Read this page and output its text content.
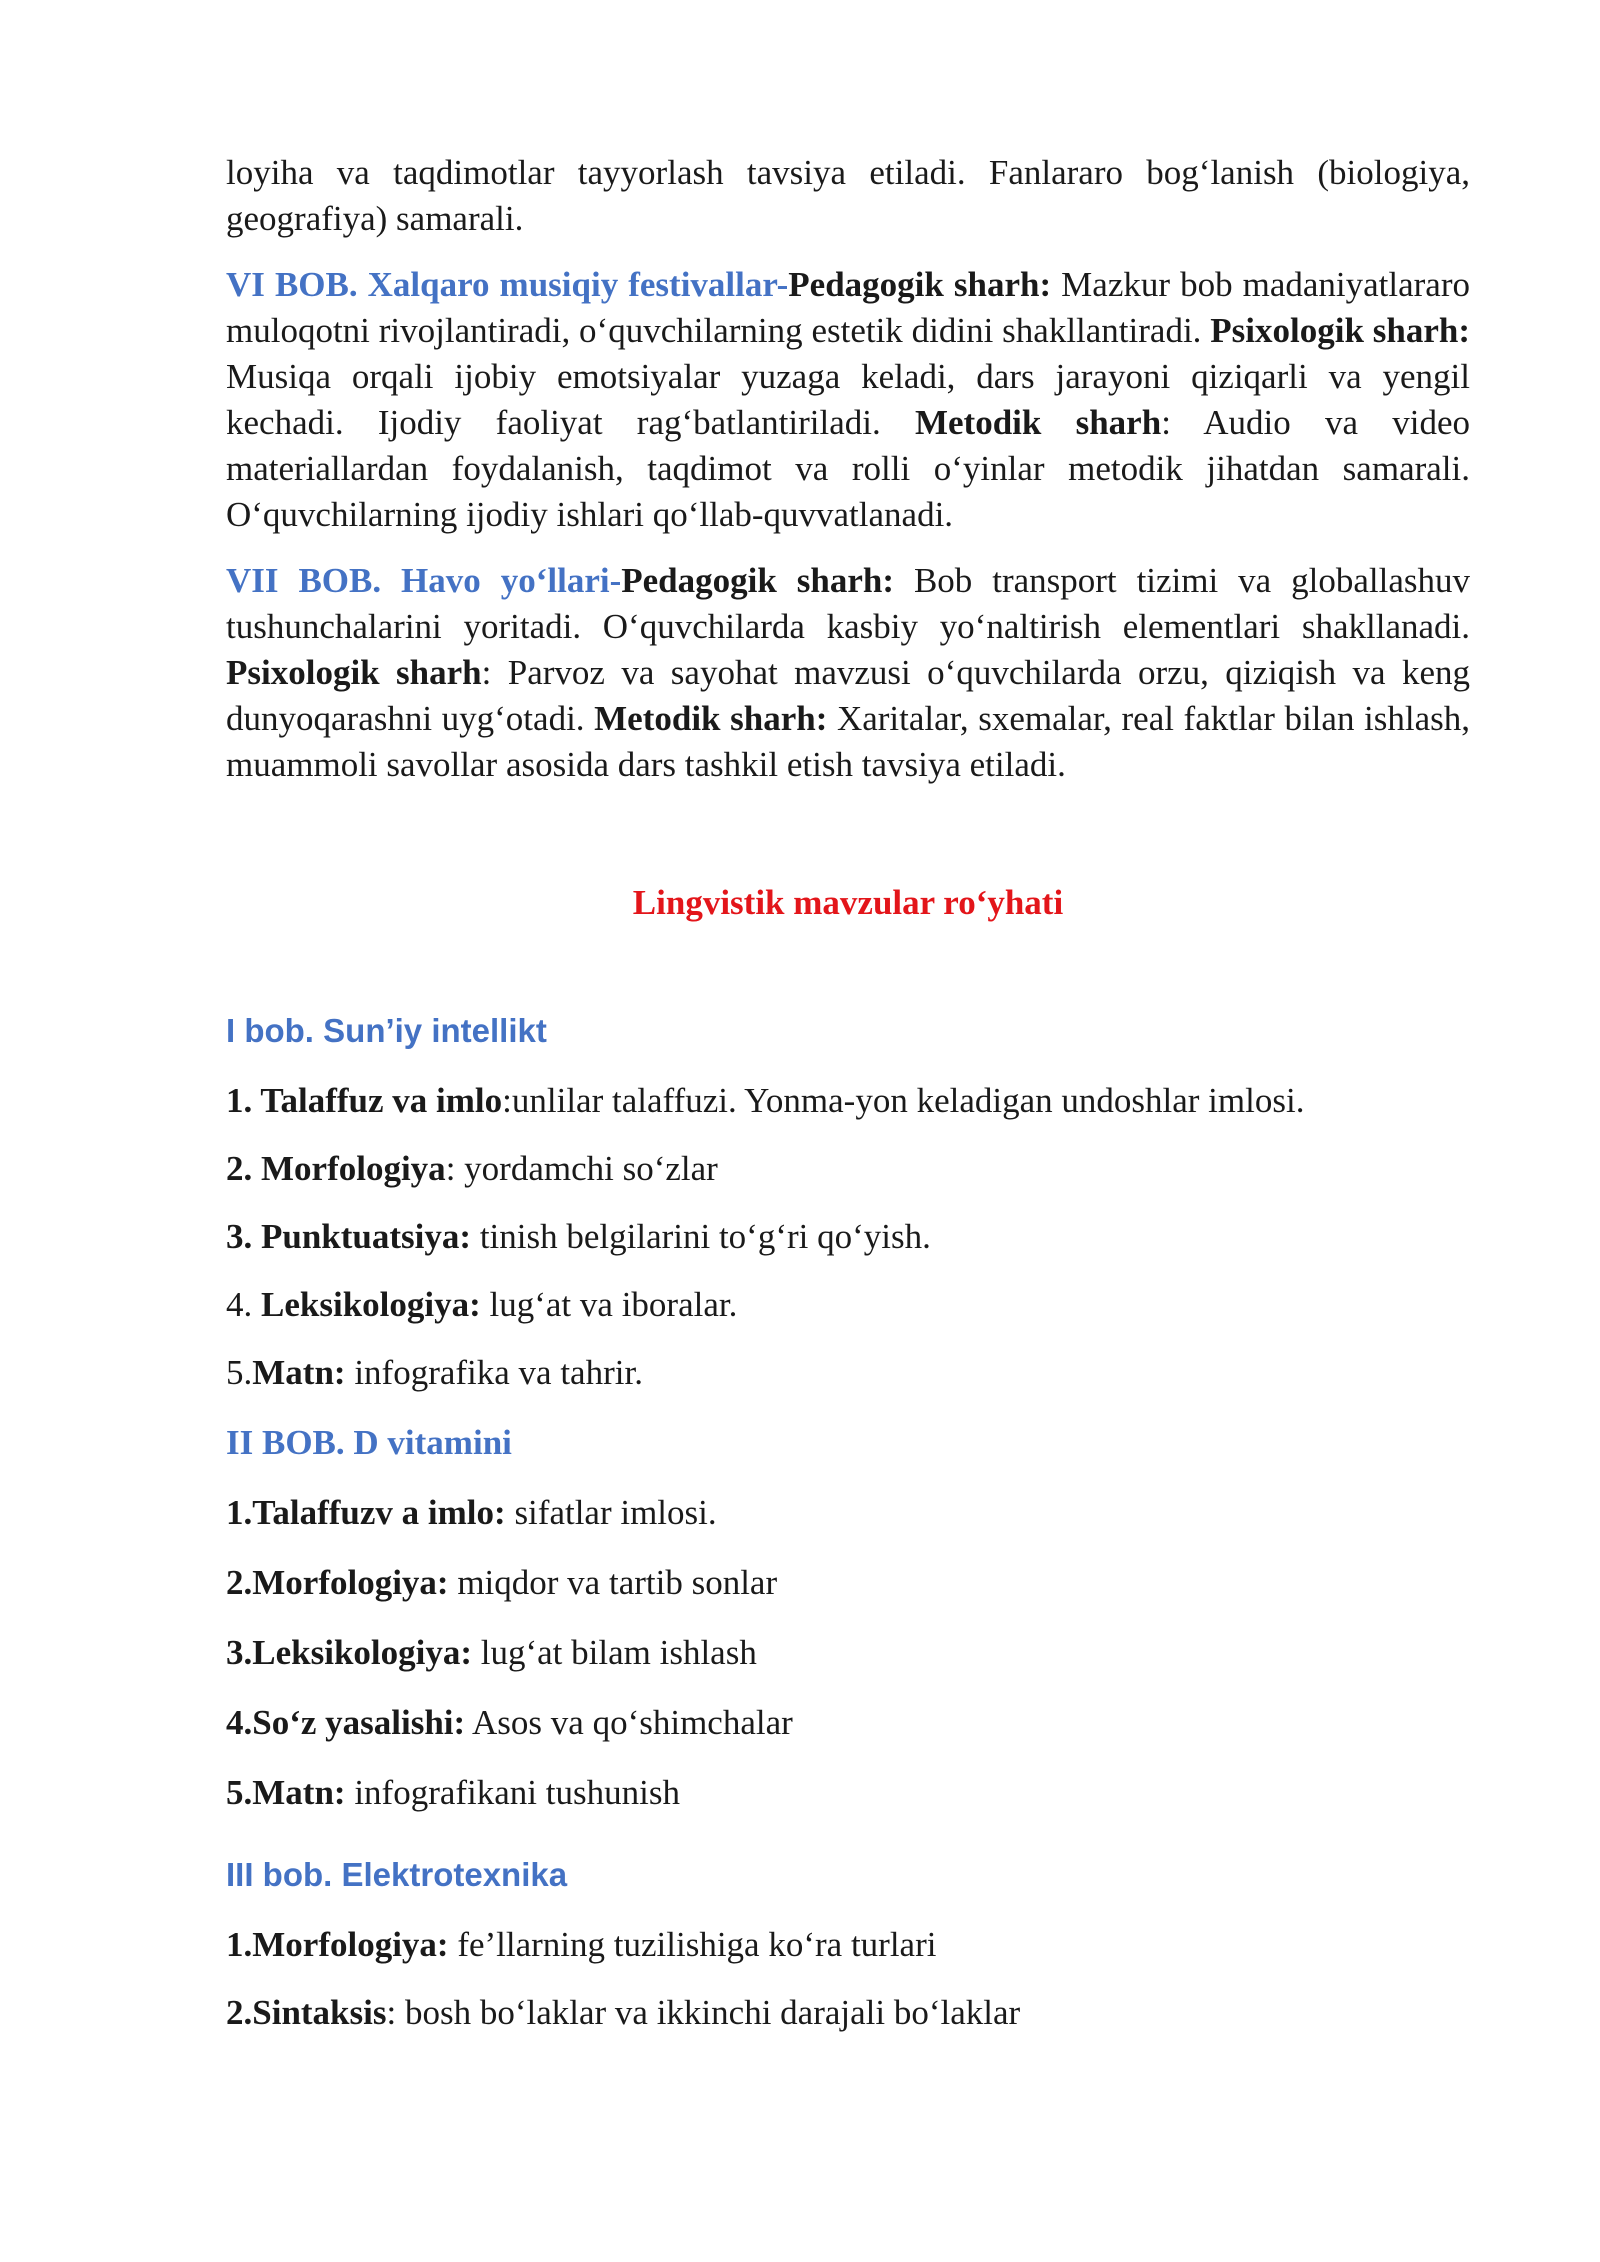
loyiha va taqdimotlar tayyorlash tavsiya etiladi. Fanlararo bog‘lanish (biologiya, geografiya) samarali.

VI BOB. Xalqaro musiqiy festivallar-Pedagogik sharh: Mazkur bob madaniyatlararo muloqotni rivojlantiradi, o‘quvchilarning estetik didini shakllantiradi. Psixologik sharh: Musiqa orqali ijobiy emotsiyalar yuzaga keladi, dars jarayoni qiziqarli va yengil kechadi. Ijodiy faoliyat rag‘batlantiriladi. Metodik sharh: Audio va video materiallardan foydalanish, taqdimot va rolli o‘yinlar metodik jihatdan samarali. O‘quvchilarning ijodiy ishlari qo‘llab-quvvatlanadi.

VII BOB. Havo yo‘llari-Pedagogik sharh: Bob transport tizimi va globallashuv tushunchalarini yoritadi. O‘quvchilarda kasbiy yo‘naltirish elementlari shakllanadi. Psixologik sharh: Parvoz va sayohat mavzusi o‘quvchilarda orzu, qiziqish va keng dunyoqarashni uyg‘otadi. Metodik sharh: Xaritalar, sxemalar, real faktlar bilan ishlash, muammoli savollar asosida dars tashkil etish tavsiya etiladi.

Lingvistik mavzular ro‘yhati

I bob. Sun’iy intellikt

1. Talaffuz va imlo:unlilar talaffuzi. Yonma-yon keladigan undoshlar imlosi.

2. Morfologiya: yordamchi so‘zlar

3. Punktuatsiya: tinish belgilarini to‘g‘ri qo‘yish.

4. Leksikologiya: lug‘at va iboralar.

5.Matn: infografika va tahrir.

II BOB. D vitamini

1.Talaffuzv a imlo: sifatlar imlosi.

2.Morfologiya: miqdor va tartib sonlar

3.Leksikologiya: lug‘at bilam ishlash

4.So‘z yasalishi: Asos va qo‘shimchalar

5.Matn: infografikani tushunish

III bob. Elektrotexnika

1.Morfologiya: fe’llarning tuzilishiga ko‘ra turlari

2.Sintaksis: bosh bo‘laklar va ikkinchi darajali bo‘laklar
